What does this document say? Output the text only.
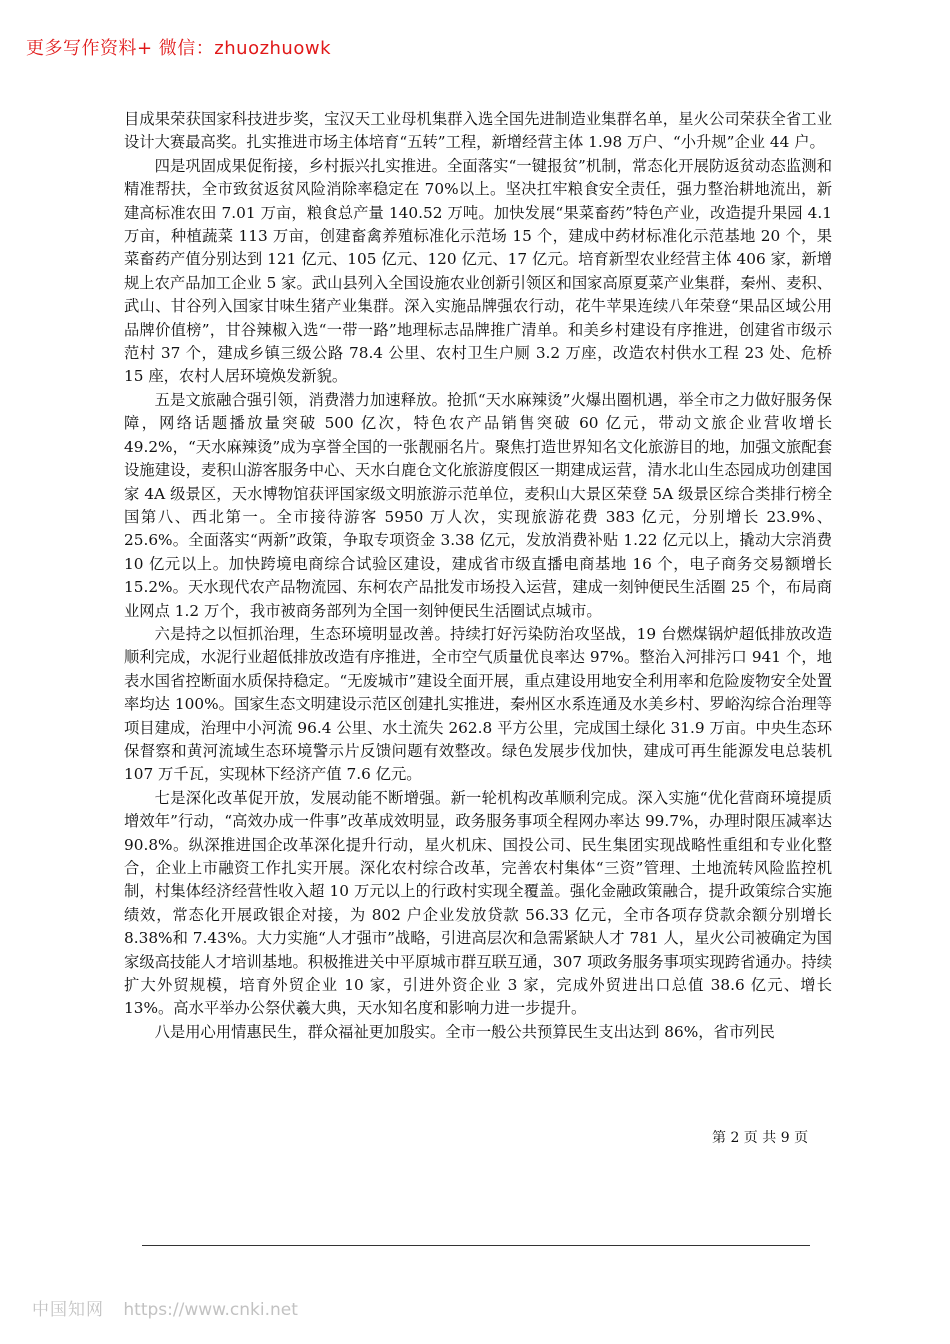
更多写作资料+ 微信：zhuozhuowk

目成果荣获国家科技进步奖，宝汉天工业母机集群入选全国先进制造业集群名单，星火公司荣获全省工业设计大赛最高奖。扎实推进市场主体培育“五转”工程，新增经营主体 1.98 万户、“小升规”企业 44 户。

四是巩固成果促衔接，乡村振兴扎实推进。全面落实“一键报贫”机制，常态化开展防返贫动态监测和精准帮扶，全市致贫返贫风险消除率稳定在 70%以上。坚决扛牢粮食安全责任，强力整治耕地流出，新建高标准农田 7.01 万亩，粮食总产量 140.52 万吨。加快发展“果菜畜药”特色产业，改造提升果园 4.1 万亩，种植蔬菜 113 万亩，创建畜禽养殖标准化示范场 15 个，建成中药材标准化示范基地 20 个，果菜畜药产值分别达到 121 亿元、105 亿元、120 亿元、17 亿元。培育新型农业经营主体 406 家，新增规上农产品加工企业 5 家。武山县列入全国设施农业创新引领区和国家高原夏菜产业集群，秦州、麦积、武山、甘谷列入国家甘味生猪产业集群。深入实施品牌强农行动，花牛苹果连续八年荣登“果品区域公用品牌价值榜”，甘谷辣椒入选“一带一路”地理标志品牌推广清单。和美乡村建设有序推进，创建省市级示范村 37 个，建成乡镇三级公路 78.4 公里、农村卫生户厕 3.2 万座，改造农村供水工程 23 处、危桥 15 座，农村人居环境焕发新貌。

五是文旅融合强引领，消费潜力加速释放。抢抓“天水麻辣烫”火爆出圈机遇，举全市之力做好服务保障，网络话题播放量突破 500 亿次，特色农产品销售突破 60 亿元，带动文旅企业营收增长 49.2%，“天水麻辣烫”成为享誉全国的一张靓丽名片。聚焦打造世界知名文化旅游目的地，加强文旅配套设施建设，麦积山游客服务中心、天水白鹿仓文化旅游度假区一期建成运营，清水北山生态园成功创建国家 4A 级景区，天水博物馆获评国家级文明旅游示范单位，麦积山大景区荣登 5A 级景区综合类排行榜全国第八、西北第一。全市接待游客 5950 万人次，实现旅游花费 383 亿元，分别增长 23.9%、25.6%。全面落实“两新”政策，争取专项资金 3.38 亿元，发放消费补贴 1.22 亿元以上，撬动大宗消费 10 亿元以上。加快跨境电商综合试验区建设，建成省市级直播电商基地 16 个，电子商务交易额增长 15.2%。天水现代农产品物流园、东柯农产品批发市场投入运营，建成一刻钟便民生活圈 25 个，布局商业网点 1.2 万个，我市被商务部列为全国一刻钟便民生活圈试点城市。

六是持之以恒抓治理，生态环境明显改善。持续打好污染防治攻坚战，19 台燃煤锅炉超低排放改造顺利完成，水泥行业超低排放改造有序推进，全市空气质量优良率达 97%。整治入河排污口 941 个，地表水国省控断面水质保持稳定。“无废城市”建设全面开展，重点建设用地安全利用率和危险废物安全处置率均达 100%。国家生态文明建设示范区创建扎实推进，秦州区水系连通及水美乡村、罗峪沟综合治理等项目建成，治理中小河流 96.4 公里、水土流失 262.8 平方公里，完成国土绿化 31.9 万亩。中央生态环保督察和黄河流域生态环境警示片反馈问题有效整改。绿色发展步伐加快，建成可再生能源发电总装机 107 万千瓦，实现林下经济产值 7.6 亿元。

七是深化改革促开放，发展动能不断增强。新一轮机构改革顺利完成。深入实施“优化营商环境提质增效年”行动，“高效办成一件事”改革成效明显，政务服务事项全程网办率达 99.7%，办理时限压减率达 90.8%。纵深推进国企改革深化提升行动，星火机床、国投公司、民生集团实现战略性重组和专业化整合，企业上市融资工作扎实开展。深化农村综合改革，完善农村集体“三资”管理、土地流转风险监控机制，村集体经济经营性收入超 10 万元以上的行政村实现全覆盖。强化金融政策融合，提升政策综合实施绩效，常态化开展政银企对接，为 802 户企业发放贷款 56.33 亿元，全市各项存贷款余额分别增长 8.38%和 7.43%。大力实施“人才强市”战略，引进高层次和急需紧缺人才 781 人，星火公司被确定为国家级高技能人才培训基地。积极推进关中平原城市群互联互通，307 项政务服务事项实现跨省通办。持续扩大外贸规模，培育外贸企业 10 家，引进外资企业 3 家，完成外贸进出口总值 38.6 亿元、增长 13%。高水平举办公祭伏羲大典，天水知名度和影响力进一步提升。

八是用心用情惠民生，群众福祉更加殷实。全市一般公共预算民生支出达到 86%，省市列民

第 2 页 共 9 页
中国知网 https://www.cnki.net
